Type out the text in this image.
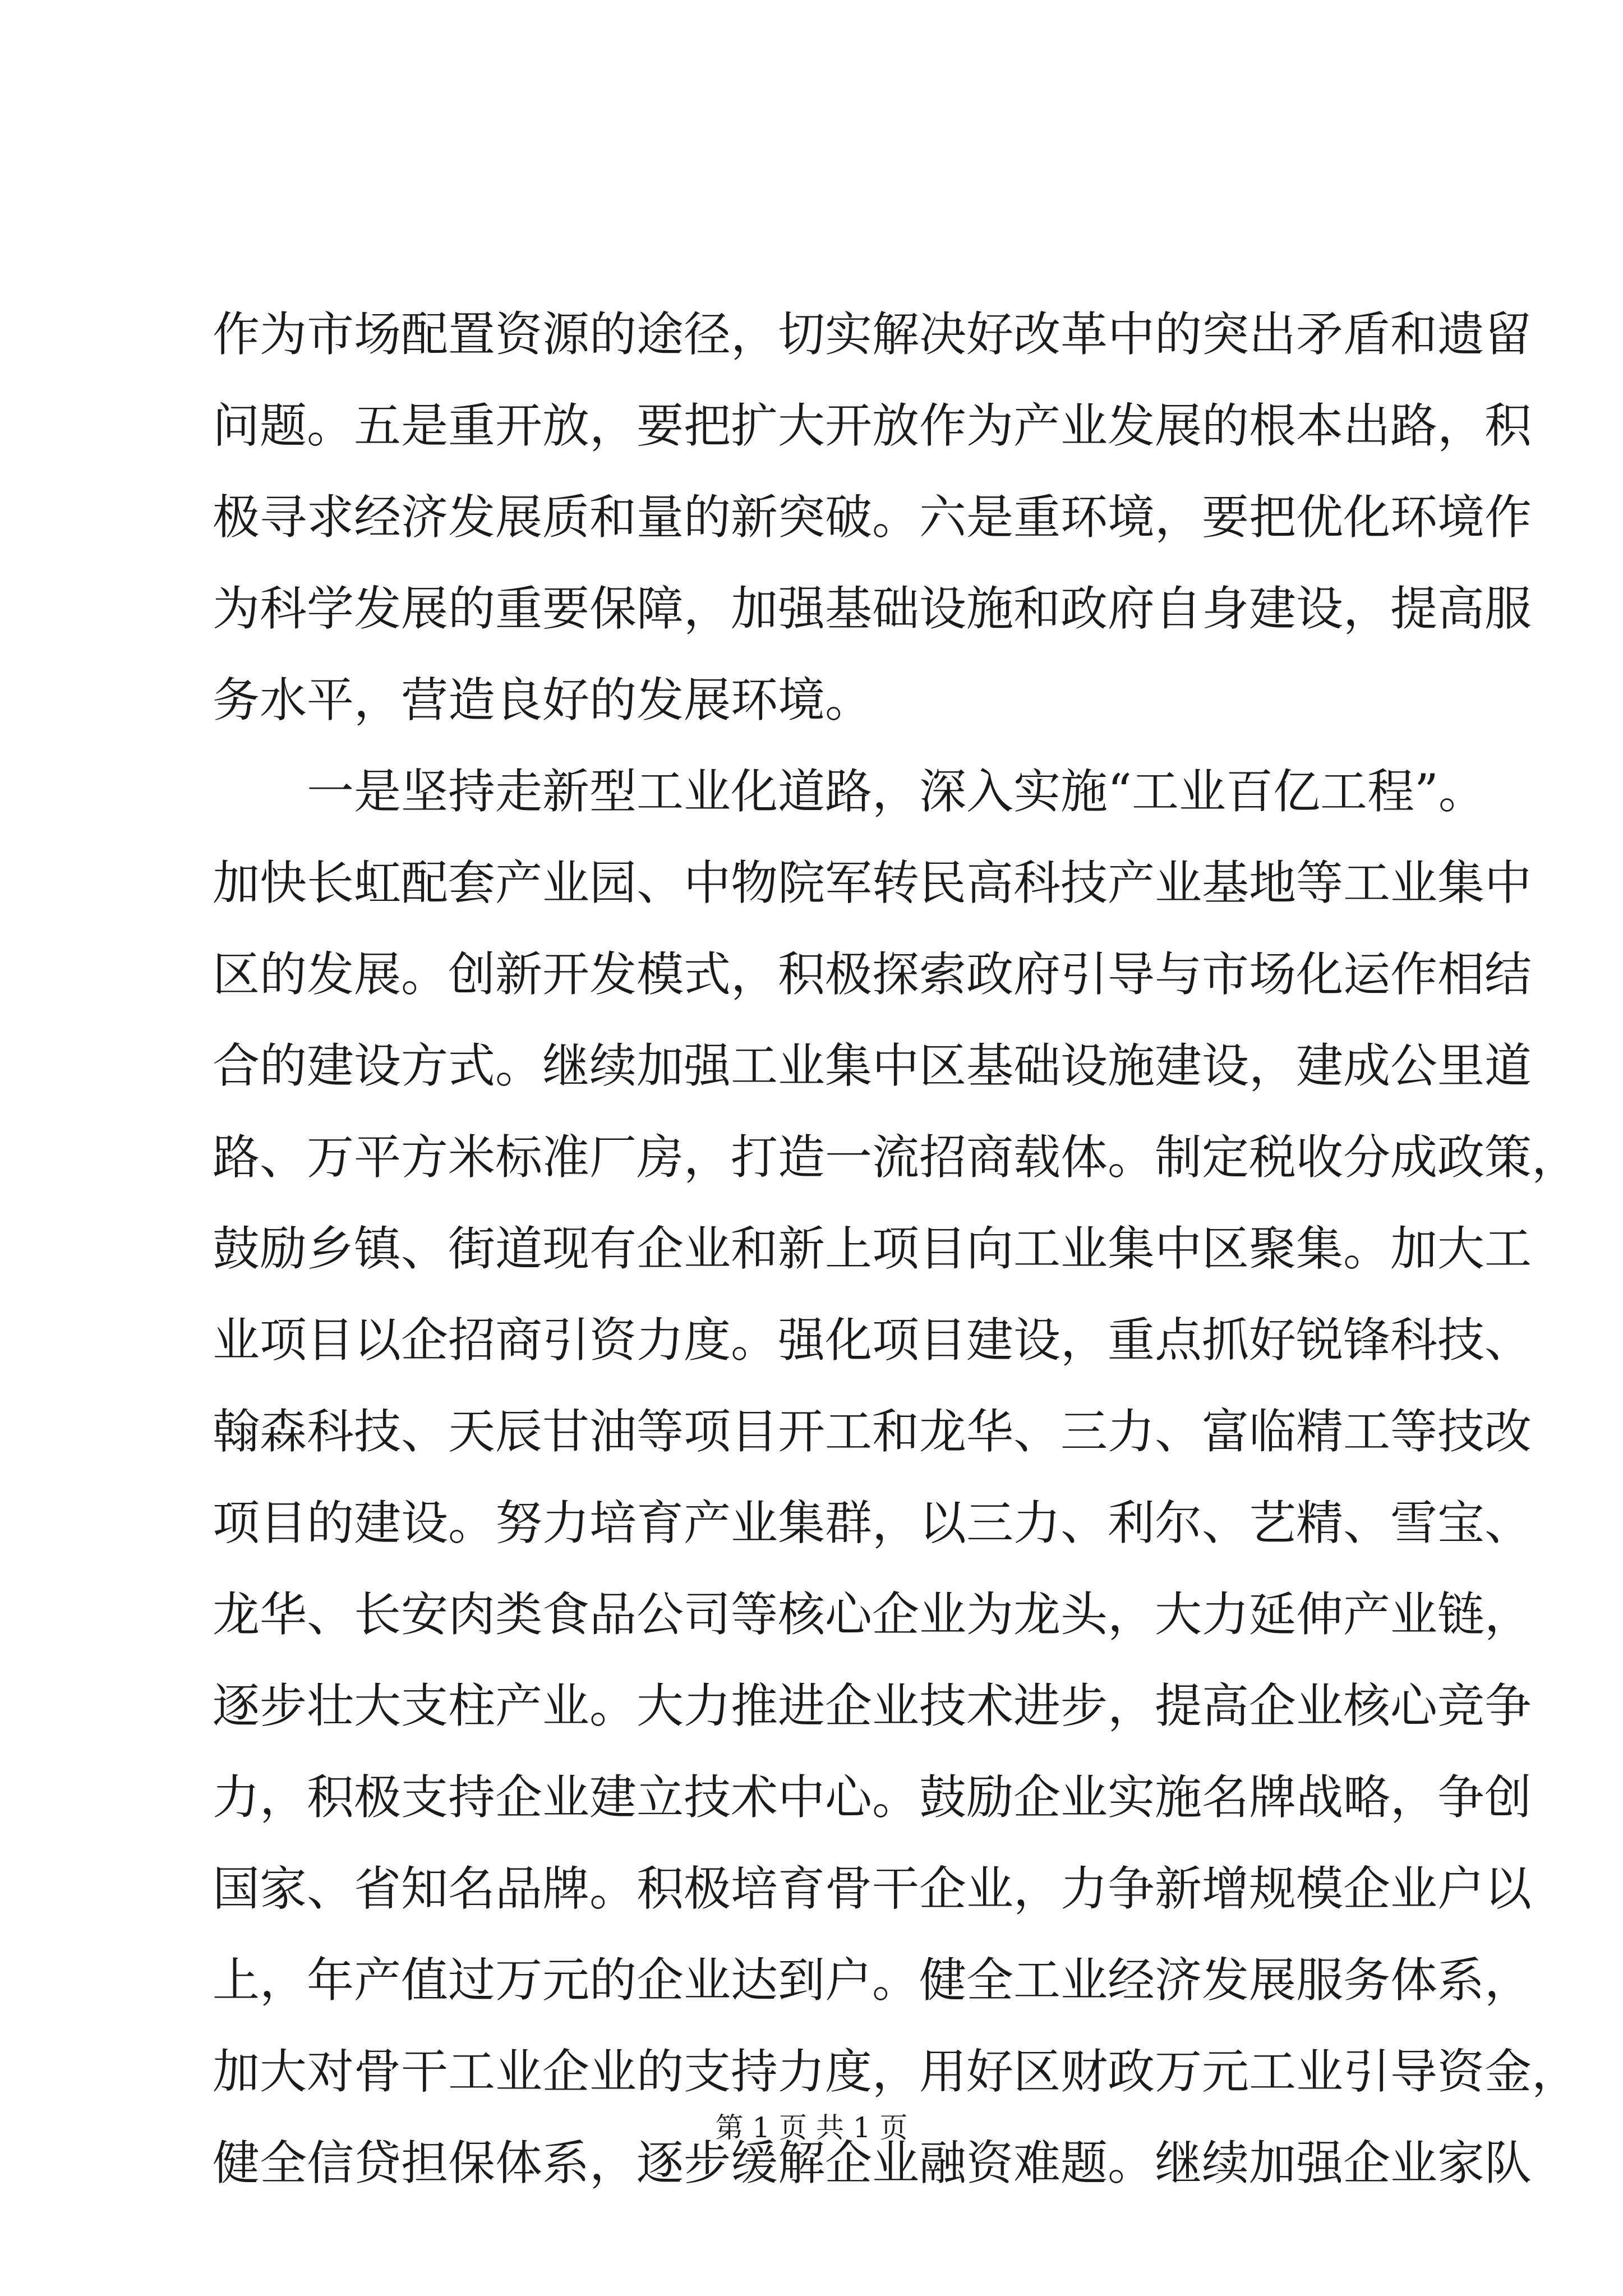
作为市场配置资源的途径，切实解决好改革中的突出矛盾和遗留
问题。五是重开放，要把扩大开放作为产业发展的根本出路，积
极寻求经济发展质和量的新突破。六是重环境，要把优化环境作
为科学发展的重要保障，加强基础设施和政府自身建设，提高服
务水平，营造良好的发展环境。
一是坚持走新型工业化道路，深入实施“工业百亿工程”。
加快长虹配套产业园、中物院军转民高科技产业基地等工业集中
区的发展。创新开发模式，积极探索政府引导与市场化运作相结
合的建设方式。继续加强工业集中区基础设施建设，建成公里道
路、万平方米标准厂房，打造一流招商载体。制定税收分成政策，
鼓励乡镇、街道现有企业和新上项目向工业集中区聚集。加大工
业项目以企招商引资力度。强化项目建设，重点抓好锐锋科技、
翰森科技、天辰甘油等项目开工和龙华、三力、富临精工等技改
项目的建设。努力培育产业集群，以三力、利尔、艺精、雪宝、
龙华、长安肉类食品公司等核心企业为龙头，大力延伸产业链，
逐步壮大支柱产业。大力推进企业技术进步，提高企业核心竞争
力，积极支持企业建立技术中心。鼓励企业实施名牌战略，争创
国家、省知名品牌。积极培育骨干企业，力争新增规模企业户以
上，年产值过万元的企业达到户。健全工业经济发展服务体系，
加大对骨干工业企业的支持力度，用好区财政万元工业引导资金，
健全信贷担保体系，逐步缓解企业融资难题。继续加强企业家队
第 1 页 共 1 页
